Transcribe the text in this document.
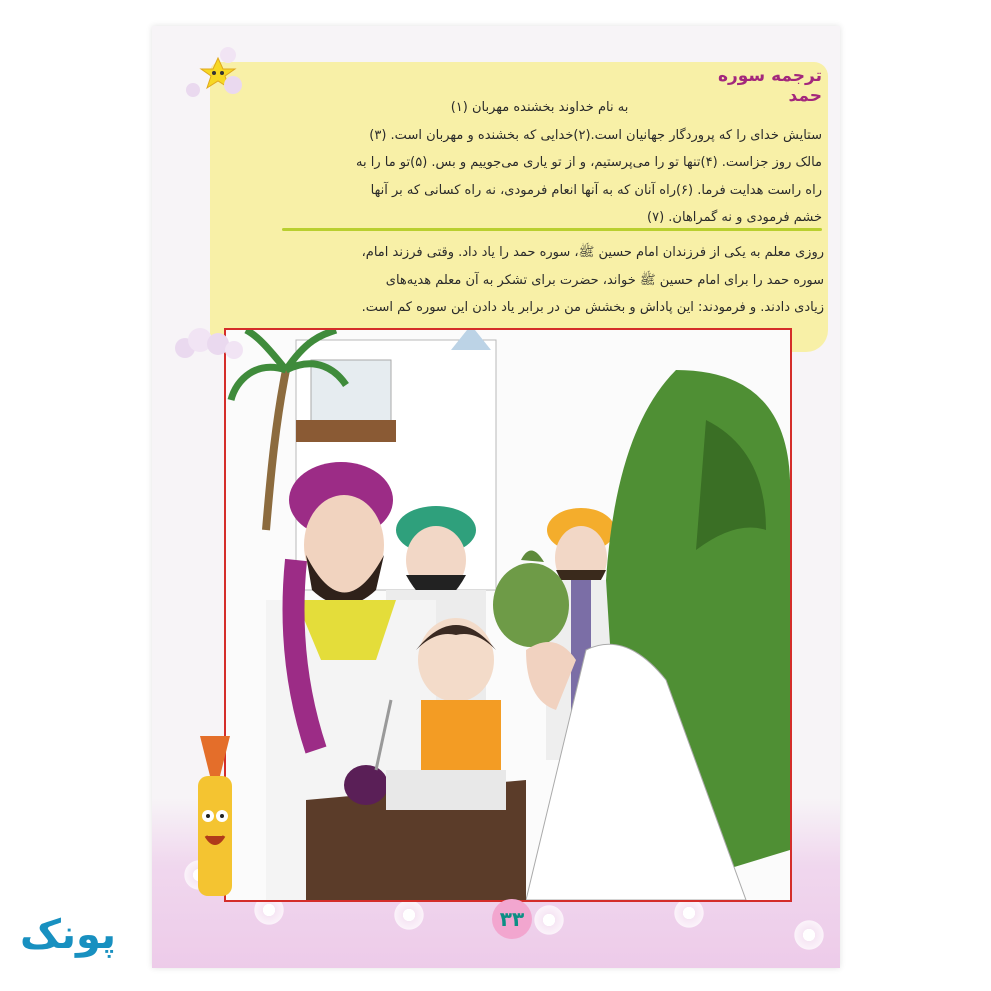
ترجمه سوره حمد
به نام خداوند بخشنده مهربان (۱)
ستایش خدای را که پروردگار جهانیان است.(۲)خدایی که بخشنده و مهربان است. (۳)
مالک روز جزاست. (۴)تنها تو را می‌پرستیم، و از تو یاری می‌جوییم و بس. (۵)تو ما را به
راه راست هدایت فرما. (۶)راه آنان که به آنها انعام فرمودی، نه راه کسانی که بر آنها
خشم فرمودی و نه گمراهان. (۷)
روزی معلم به یکی از فرزندان امام حسین ﷺ، سوره حمد را یاد داد. وقتی فرزند امام،
سوره حمد را برای امام حسین ﷺ خواند، حضرت برای تشکر به آن معلم هدیه‌های
زیادی دادند. و فرمودند: این پاداش و بخشش من در برابر یاد دادن این سوره کم است.
۳۳
پونک
